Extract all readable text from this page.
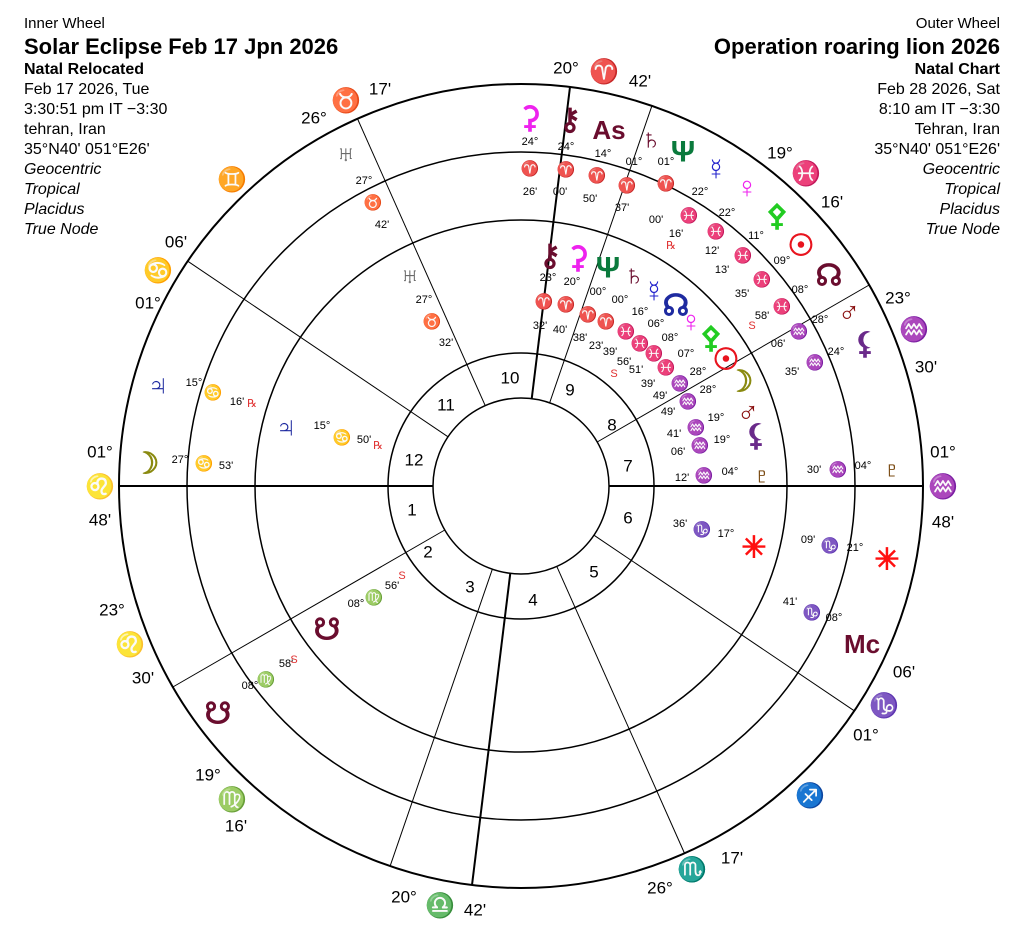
Inner Wheel
Solar Eclipse Feb 17 Jpn 2026
Natal Relocated
Feb 17 2026, Tue
3:30:51 pm IT −3:30
tehran, Iran
35°N40' 051°E26'
Geocentric
Tropical
Placidus
True Node
Outer Wheel
Operation roaring lion 2026
Natal Chart
Feb 28 2026, Sat
8:10 am IT −3:30
Tehran, Iran
35°N40' 051°E26'
Geocentric
Tropical
Placidus
True Node
01°
♌
48'
23°
♌
30'
19°
♍
16'
20° ♎ 42'
26°
♏ 17'
♐
01°
♒
48'
23°
♒
30'
19°
♓
16'
20° ♈ 42'
26°
♉ 17'
06'
♋
01°
06'
♑
01°
♊
1
2
3
4
5
6
7
8
9
10
11
12
♃ 15°
♋
16' ℞
☽ 27° ♋ 53'
♅
27°
♉
42'
⚳
24°
♈
26'
⚷
24°
♈
00'
As
14°
♈
50'
♄
01°
♈
37'
Ψ
01°
♈
00'
☿
22°
♓
16'
℞
♀
22°
♓
12'
⚴
11°
♓
13'
☉
09°
♓
35'
☊
08°
♓
58'
S	♂
28°
♒
06' ⚸
24°
♒
35'
♇
04°
♒
30'
✳
21°
♑
09'
Mc
08°
♑
41'
☋
08°
♍
58'
S
♃ 15°
♋ 50' ℞
♅
27°
♉
32'
⚷
23°
♈
32'
⚳
20°
♈
40'
Ψ
00°
♈
38'
♄
00°
♈
23'
☿
16°
♓
39'
☊
06°
♓
56'
S
♀
08°
♓
51'
⚴
07°
♓
39'
☉
28°
♒
49' ☽
28°
♒
49' ♂
19°
♒
41' ⚸
19°
♒
06'
♇
04°
♒
12'
✳
17°
♑
36'
☋
08° ♍
56'
S
